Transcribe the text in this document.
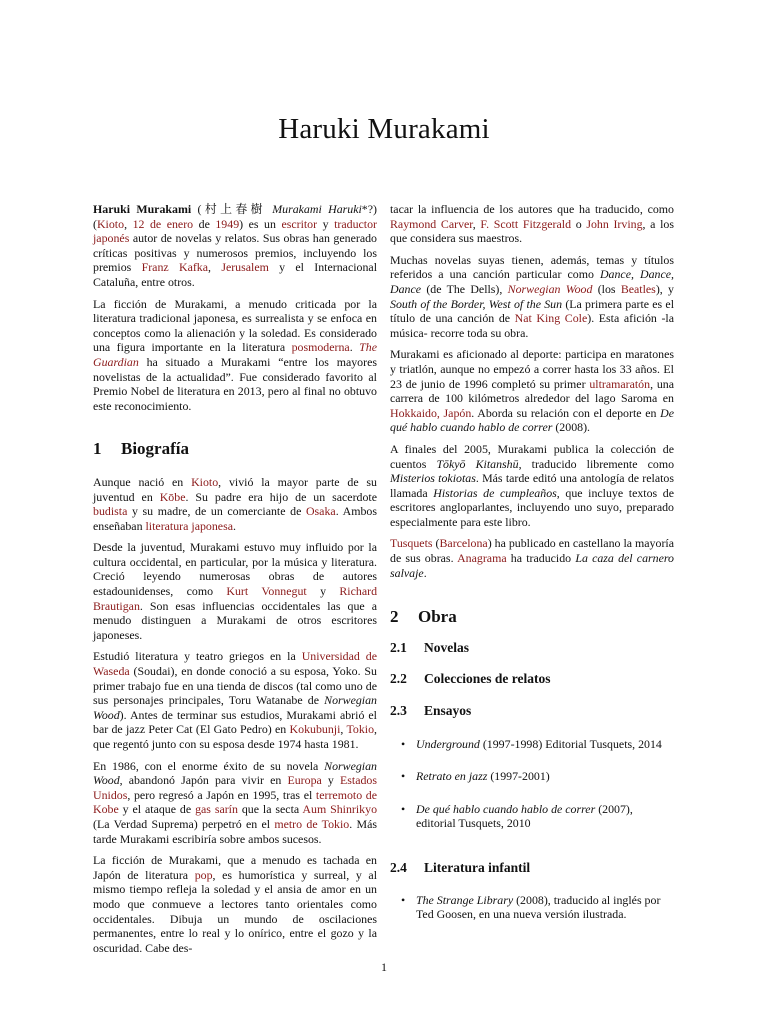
Haruki Murakami

Haruki Murakami (村上春樹 Murakami Haruki*?) (Kioto, 12 de enero de 1949) es un escritor y traductor japonés autor de novelas y relatos. Sus obras han generado críticas positivas y numerosos premios, incluyendo los premios Franz Kafka, Jerusalem y el Internacional Cataluña, entre otros.

La ficción de Murakami, a menudo criticada por la literatura tradicional japonesa, es surrealista y se enfoca en conceptos como la alienación y la soledad. Es considerado una figura importante en la literatura posmoderna. The Guardian ha situado a Murakami “entre los mayores novelistas de la actualidad”. Fue considerado favorito al Premio Nobel de literatura en 2013, pero al final no obtuvo este reconocimiento.

1 Biografía

Aunque nació en Kioto, vivió la mayor parte de su juventud en Kōbe. Su padre era hijo de un sacerdote budista y su madre, de un comerciante de Osaka. Ambos enseñaban literatura japonesa.

Desde la juventud, Murakami estuvo muy influido por la cultura occidental, en particular, por la música y literatura. Creció leyendo numerosas obras de autores estadounidenses, como Kurt Vonnegut y Richard Brautigan. Son esas influencias occidentales las que a menudo distinguen a Murakami de otros escritores japoneses.

Estudió literatura y teatro griegos en la Universidad de Waseda (Soudai), en donde conoció a su esposa, Yoko. Su primer trabajo fue en una tienda de discos (tal como uno de sus personajes principales, Toru Watanabe de Norwegian Wood). Antes de terminar sus estudios, Murakami abrió el bar de jazz Peter Cat (El Gato Pedro) en Kokubunji, Tokio, que regentó junto con su esposa desde 1974 hasta 1981.

En 1986, con el enorme éxito de su novela Norwegian Wood, abandonó Japón para vivir en Europa y Estados Unidos, pero regresó a Japón en 1995, tras el terremoto de Kobe y el ataque de gas sarín que la secta Aum Shinrikyo (La Verdad Suprema) perpetró en el metro de Tokio. Más tarde Murakami escribiría sobre ambos sucesos.

La ficción de Murakami, que a menudo es tachada en Japón de literatura pop, es humorística y surreal, y al mismo tiempo refleja la soledad y el ansia de amor en un modo que conmueve a lectores tanto orientales como occidentales. Dibuja un mundo de oscilaciones permanentes, entre lo real y lo onírico, entre el gozo y la oscuridad. Cabe des-

tacar la influencia de los autores que ha traducido, como Raymond Carver, F. Scott Fitzgerald o John Irving, a los que considera sus maestros.

Muchas novelas suyas tienen, además, temas y títulos referidos a una canción particular como Dance, Dance, Dance (de The Dells), Norwegian Wood (los Beatles), y South of the Border, West of the Sun (La primera parte es el título de una canción de Nat King Cole). Esta afición -la música- recorre toda su obra.

Murakami es aficionado al deporte: participa en maratones y triatlón, aunque no empezó a correr hasta los 33 años. El 23 de junio de 1996 completó su primer ultramaratón, una carrera de 100 kilómetros alrededor del lago Saroma en Hokkaido, Japón. Aborda su relación con el deporte en De qué hablo cuando hablo de correr (2008).

A finales del 2005, Murakami publica la colección de cuentos Tōkyō Kitanshū, traducido libremente como Misterios tokiotas. Más tarde editó una antología de relatos llamada Historias de cumpleaños, que incluye textos de escritores angloparlantes, incluyendo uno suyo, preparado especialmente para este libro.

Tusquets (Barcelona) ha publicado en castellano la mayoría de sus obras. Anagrama ha traducido La caza del carnero salvaje.

2 Obra
2.1 Novelas
2.2 Colecciones de relatos
2.3 Ensayos
• Underground (1997-1998) Editorial Tusquets, 2014
• Retrato en jazz (1997-2001)
• De qué hablo cuando hablo de correr (2007), editorial Tusquets, 2010
2.4 Literatura infantil
• The Strange Library (2008), traducido al inglés por Ted Goosen, en una nueva versión ilustrada.
1
